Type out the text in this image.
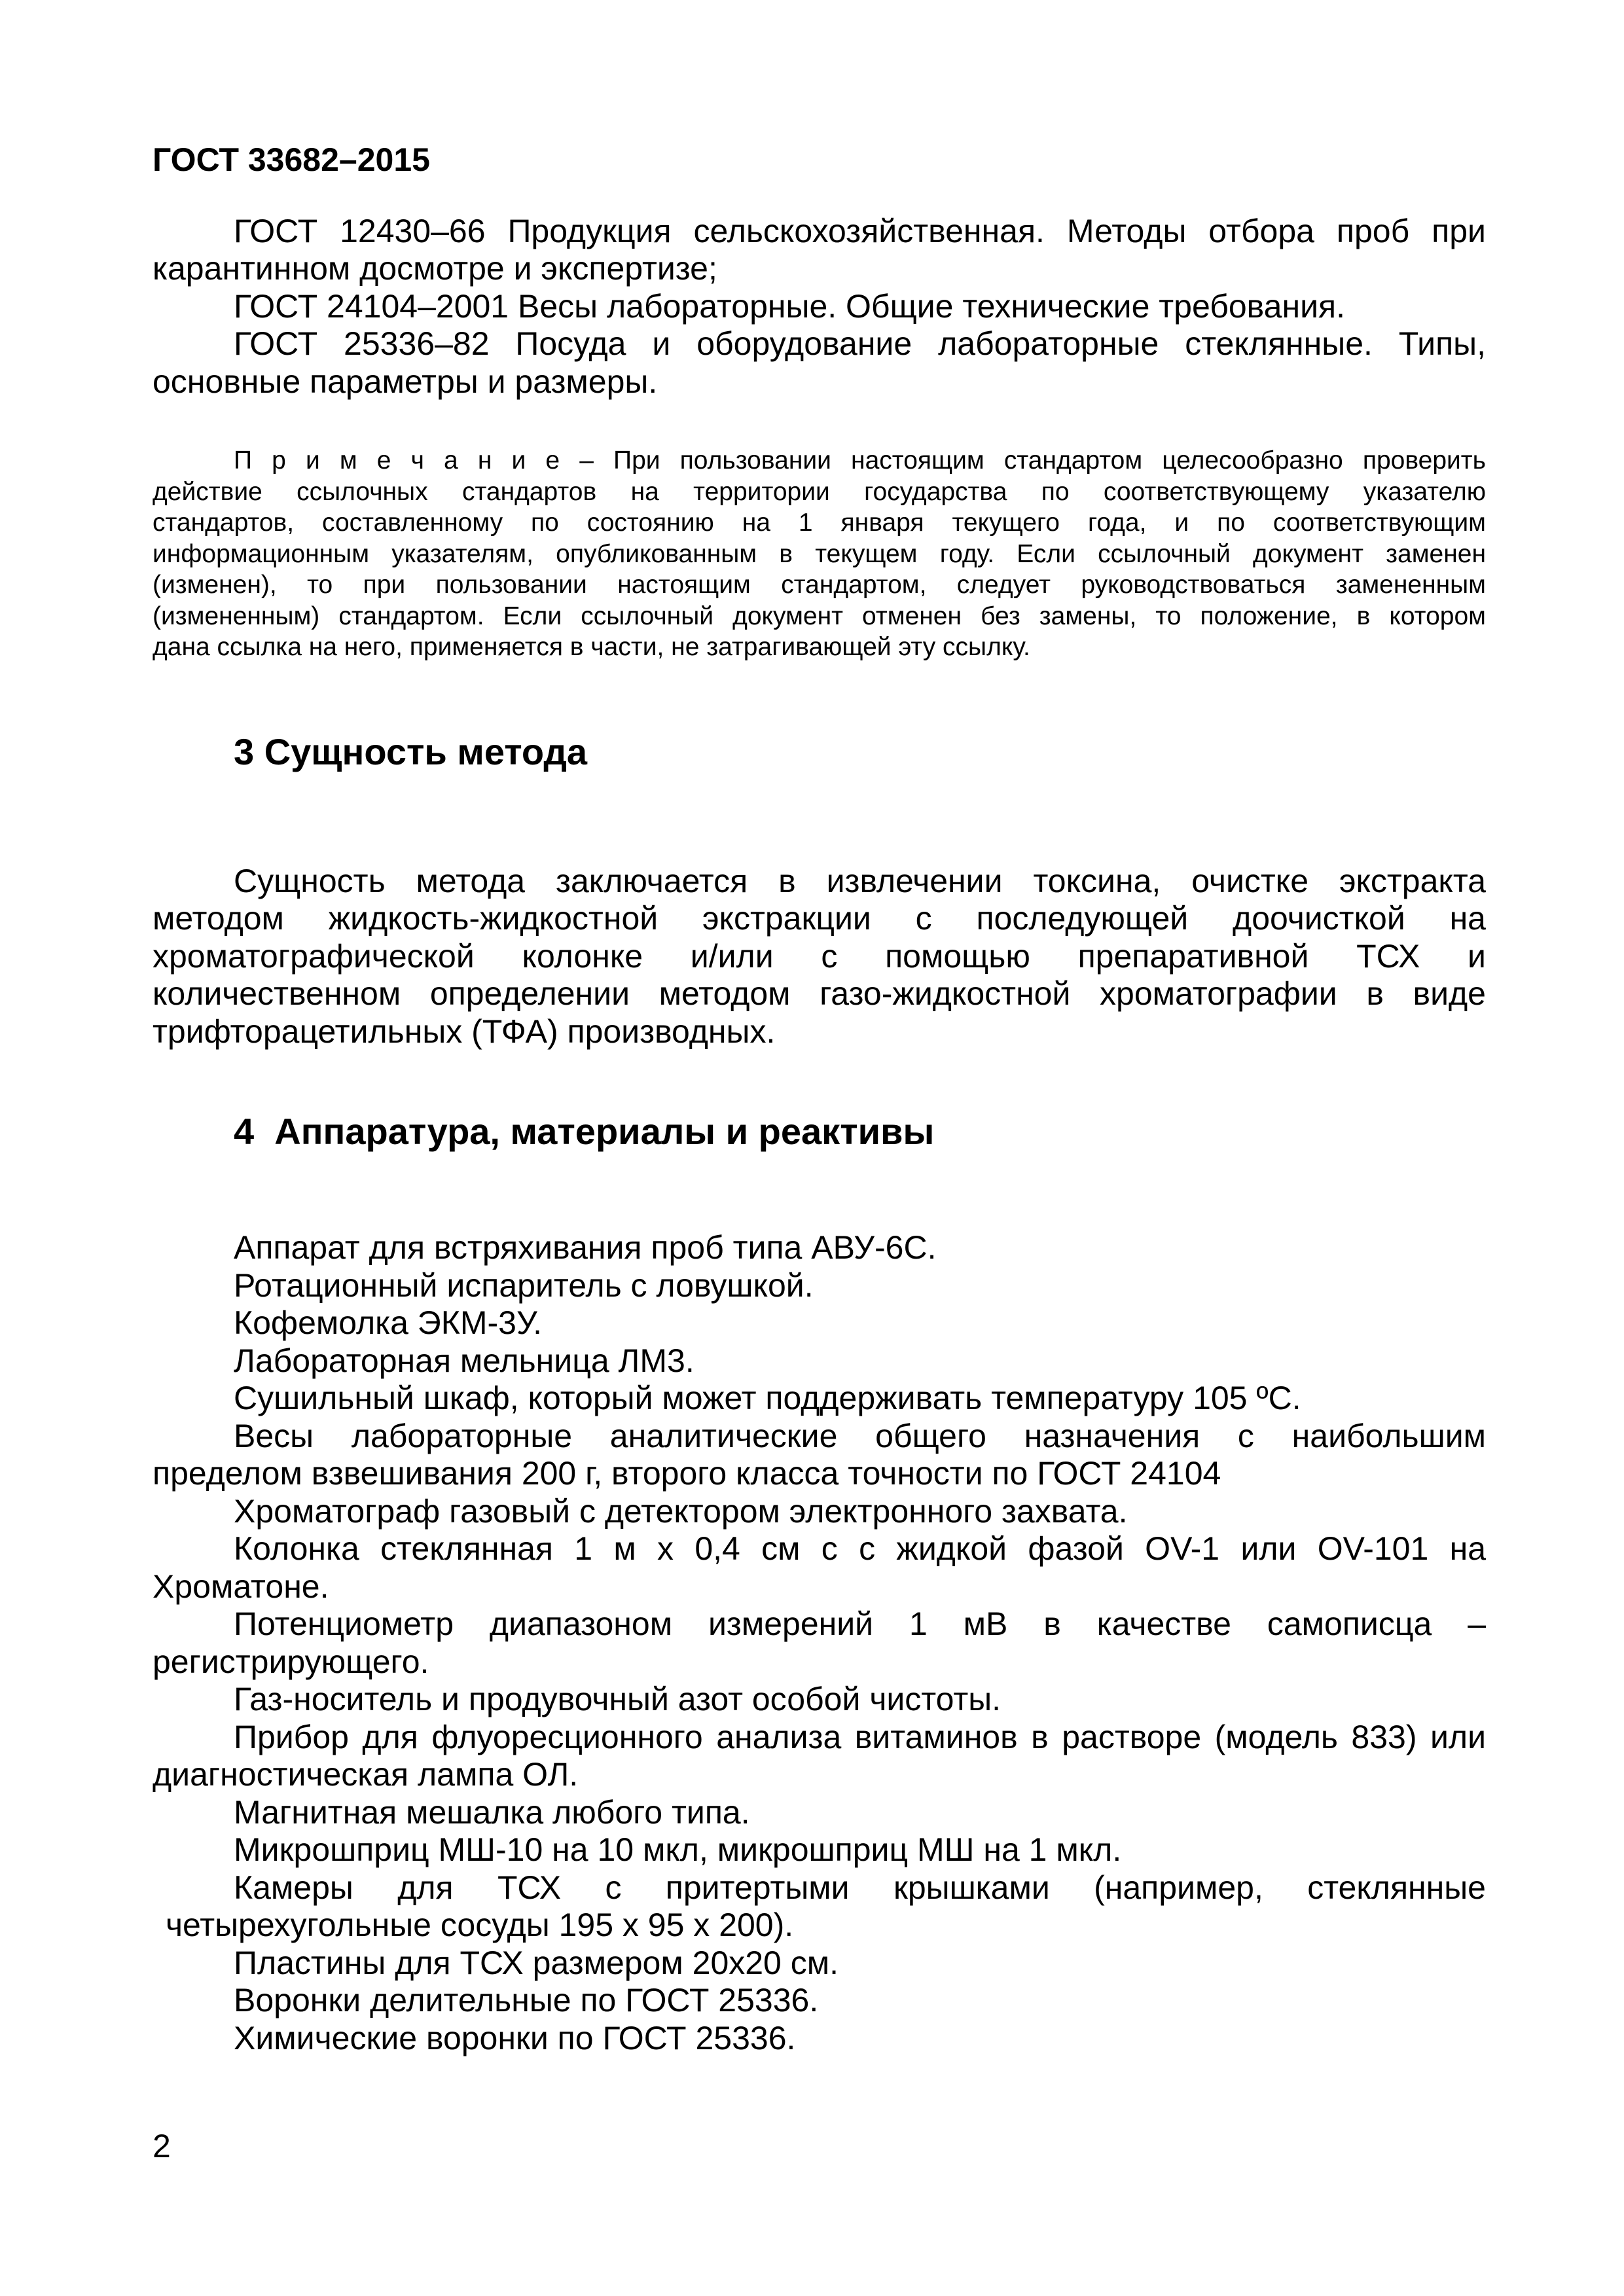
ГОСТ 33682–2015
ГОСТ 12430–66 Продукция сельскохозяйственная. Методы отбора проб при
карантинном досмотре и экспертизе;
ГОСТ 24104–2001 Весы лабораторные. Общие технические требования.
ГОСТ 25336–82 Посуда и оборудование лабораторные стеклянные. Типы,
основные параметры и размеры.
П р и м е ч а н и е – При пользовании настоящим стандартом целесообразно проверить
действие ссылочных стандартов на территории государства по соответствующему указателю
стандартов, составленному по состоянию на 1 января текущего года, и по соответствующим
информационным указателям, опубликованным в текущем году. Если ссылочный документ заменен
(изменен), то при пользовании настоящим стандартом, следует руководствоваться замененным
(измененным) стандартом. Если ссылочный документ отменен без замены, то положение, в котором
дана ссылка на него, применяется в части, не затрагивающей эту ссылку.
3 Сущность метода
Сущность метода заключается в извлечении токсина, очистке экстракта
методом жидкость-жидкостной экстракции с последующей доочисткой на
хроматографической колонке и/или с помощью препаративной ТСХ и
количественном определении методом газо-жидкостной хроматографии в виде
трифторацетильных (ТФА) производных.
4  Аппаратура, материалы и реактивы
Аппарат для встряхивания проб типа АВУ-6С.
Ротационный испаритель с ловушкой.
Кофемолка ЭКМ-3У.
Лабораторная мельница ЛМ3.
Сушильный шкаф, который может поддерживать температуру 105 ºС.
Весы лабораторные аналитические общего назначения с наибольшим
пределом взвешивания 200 г, второго класса точности по ГОСТ 24104
Хроматограф газовый с детектором электронного захвата.
Колонка стеклянная 1 м х 0,4 см с с жидкой фазой OV-1 или OV-101 на
Хроматоне.
Потенциометр диапазоном измерений 1 мВ в качестве самописца –
регистрирующего.
Газ-носитель и продувочный азот особой чистоты.
Прибор для флуоресционного анализа витаминов в растворе (модель 833) или
диагностическая лампа ОЛ.
Магнитная мешалка любого типа.
Микрошприц МШ-10 на 10 мкл, микрошприц МШ на 1 мкл.
Камеры для ТСХ с притертыми крышками (например, стеклянные
четырехугольные сосуды 195 х 95 х 200).
Пластины для ТСХ размером 20х20 см.
Воронки делительные по ГОСТ 25336.
Химические воронки по ГОСТ 25336.
2
